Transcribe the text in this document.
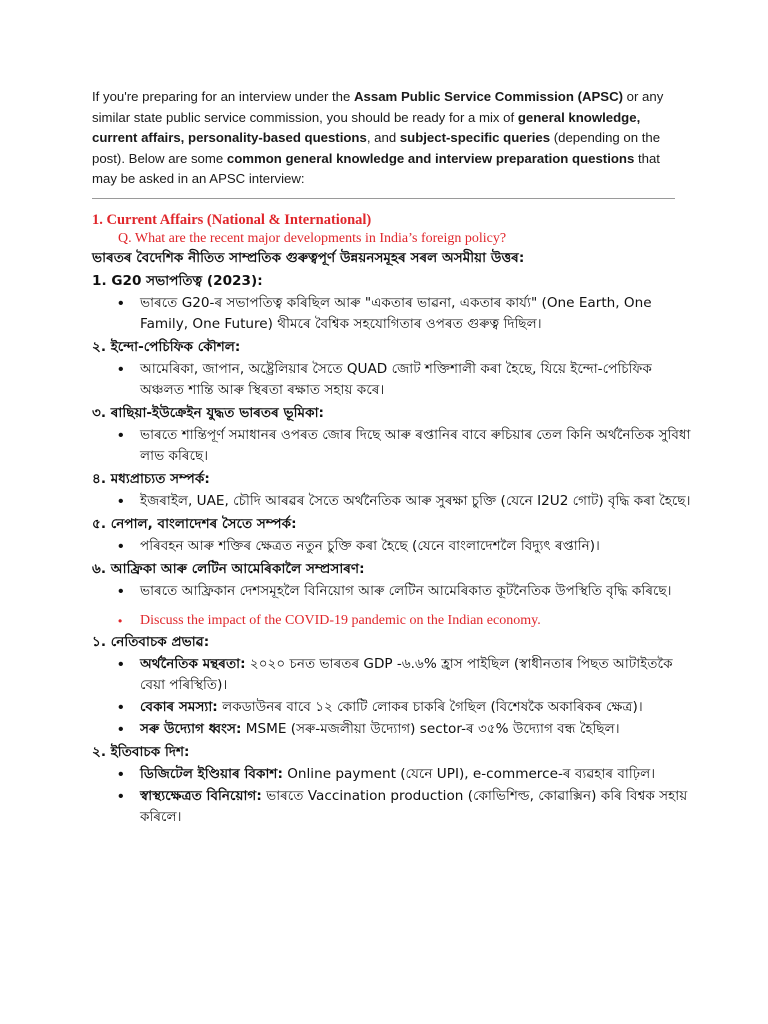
If you're preparing for an interview under the Assam Public Service Commission (APSC) or any similar state public service commission, you should be ready for a mix of general knowledge, current affairs, personality-based questions, and subject-specific queries (depending on the post). Below are some common general knowledge and interview preparation questions that may be asked in an APSC interview:
1. Current Affairs (National & International)
Q. What are the recent major developments in India’s foreign policy?
ভাৰতৰ বৈদেশিক নীতিত সাম্প্ৰতিক গুৰুত্বপূৰ্ণ উন্নয়নসমূহৰ সৰল অসমীয়া উত্তৰ:
1. G20 সভাপতিত্ব (2023):
• ভাৰতে G20-ৰ সভাপতিত্ব কৰিছিল আৰু "একতাৰ ভাৱনা, একতাৰ কাৰ্য্য" (One Earth, One Family, One Future) থীমৰে বৈশ্বিক সহযোগিতাৰ ওপৰত গুৰুত্ব দিছিল।
২. ইন্দো-পেচিফিক কৌশল:
• আমেৰিকা, জাপান, অষ্ট্ৰেলিয়াৰ সৈতে QUAD জোট শক্তিশালী কৰা হৈছে, যিয়ে ইন্দো-পেচিফিক অঞ্চলত শান্তি আৰু স্থিৰতা ৰক্ষাত সহায় কৰে।
৩. ৰাছিয়া-ইউক্ৰেইন যুদ্ধত ভাৰতৰ ভূমিকা:
• ভাৰতে শান্তিপূৰ্ণ সমাধানৰ ওপৰত জোৰ দিছে আৰু ৰপ্তানিৰ বাবে ৰুচিয়াৰ তেল কিনি অৰ্থনৈতিক সুবিধা লাভ কৰিছে।
৪. মধ্যপ্ৰাচ্যত সম্পৰ্ক:
• ইজৰাইল, UAE, চৌদি আৰৱৰ সৈতে অৰ্থনৈতিক আৰু সুৰক্ষা চুক্তি (যেনে I2U2 গোট) বৃদ্ধি কৰা হৈছে।
৫. নেপাল, বাংলাদেশৰ সৈতে সম্পৰ্ক:
• পৰিবহন আৰু শক্তিৰ ক্ষেত্ৰত নতুন চুক্তি কৰা হৈছে (যেনে বাংলাদেশলৈ বিদ্যুৎ ৰপ্তানি)।
৬. আফ্ৰিকা আৰু লেটিন আমেৰিকালৈ সম্প্ৰসাৰণ:
• ভাৰতে আফ্ৰিকান দেশসমূহলৈ বিনিয়োগ আৰু লেটিন আমেৰিকাত কূটনৈতিক উপস্থিতি বৃদ্ধি কৰিছে।
• Discuss the impact of the COVID-19 pandemic on the Indian economy.
১. নেতিবাচক প্ৰভাৱ:
• অৰ্থনৈতিক মন্থৰতা: ২০২০ চনত ভাৰতৰ GDP -৬.৬% হ্ৰাস পাইছিল (স্বাধীনতাৰ পিছত আটাইতকৈ বেয়া পৰিস্থিতি)।
• বেকাৰ সমস্যা: লকডাউনৰ বাবে ১২ কোটি লোকৰ চাকৰি গৈছিল (বিশেষকৈ অকাৰিকৰ ক্ষেত্ৰ)।
• সৰু উদ্যোগ ধ্বংস: MSME (সৰু-মজলীয়া উদ্যোগ) sector-ৰ ৩৫% উদ্যোগ বন্ধ হৈছিল।
২. ইতিবাচক দিশ:
• ডিজিটেল ইণ্ডিয়াৰ বিকাশ: Online payment (যেনে UPI), e-commerce-ৰ ব্যৱহাৰ বাঢ়িল।
• স্বাস্থ্যক্ষেত্ৰত বিনিয়োগ: ভাৰতে Vaccination production (কোভিশিল্ড, কোৱাক্সিন) কৰি বিশ্বক সহায় কৰিলে।
